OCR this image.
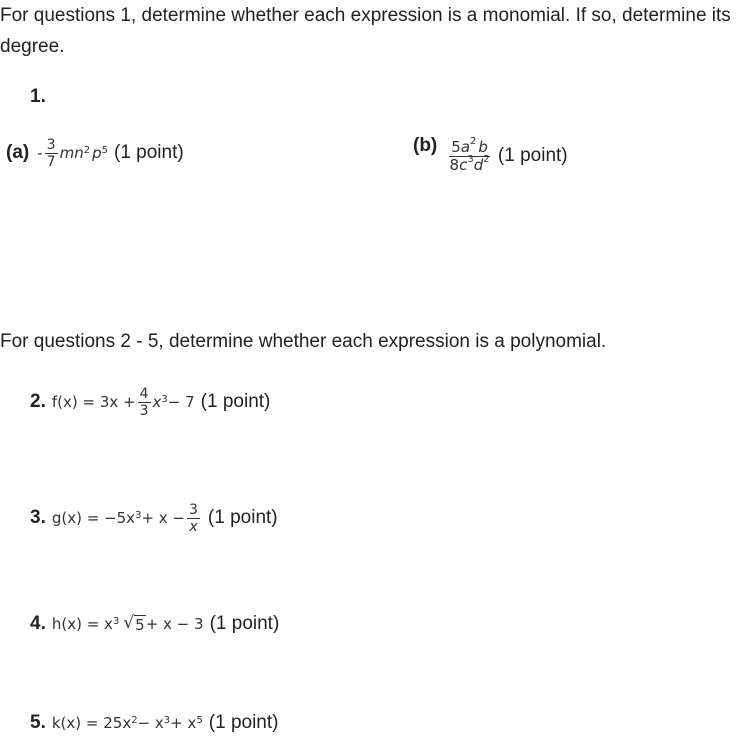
For questions 1, determine whether each expression is a monomial. If so, determine its degree.
1.
$(a) - \frac{3}{7}$ m $n^2$ $p^5$ (1 point)	$(b) \frac{5a^2 b}{8c^3d^2} (1$ point)
For questions 2 - 5, determine whether each expression is a polynomial.
2. $f(x) = 3x + \frac{4}{3} x^3 - 7$ (1 point)
3. $g(x) = -5x^3 + x - \frac{3}{x} (1$ point)
4. $h(x) = x^3$ √ 5 + x − 3 (1 point)
5. $k(x) = 25x^2 - x^3 + x^5$ (1 point)
